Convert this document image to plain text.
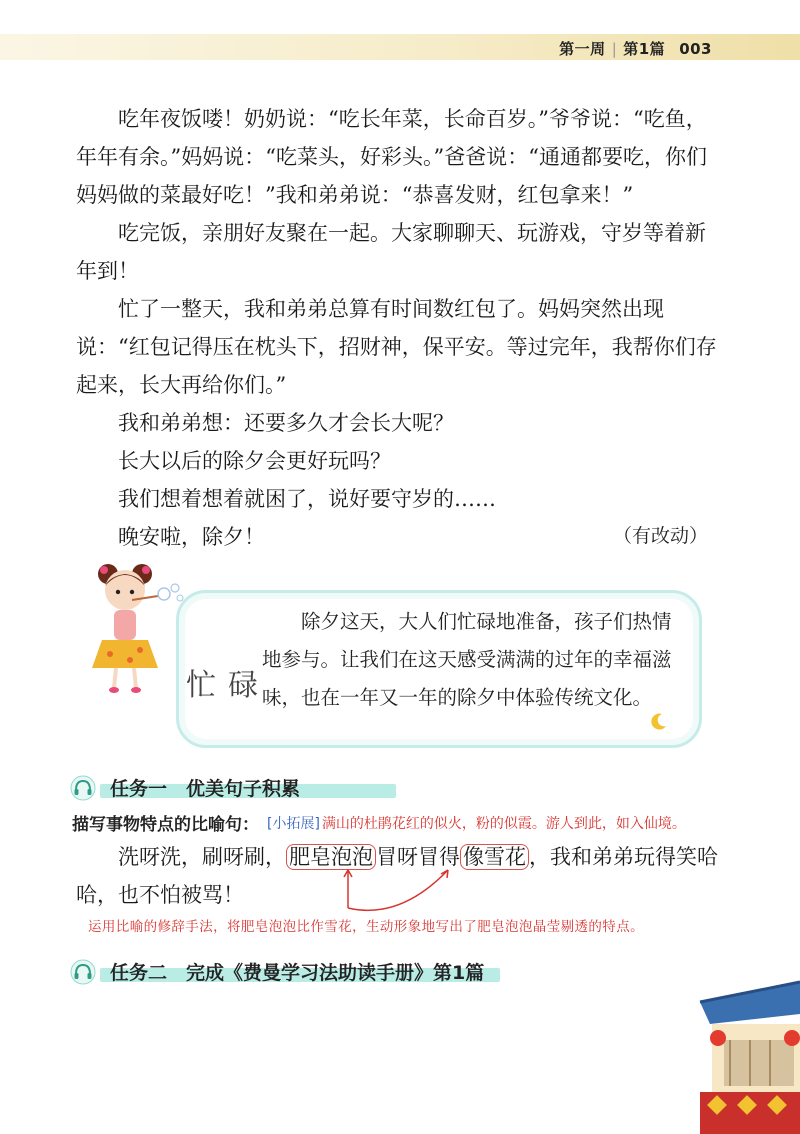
第一周 | 第1篇 003

吃年夜饭喽！奶奶说：“吃长年菜，长命百岁。”爷爷说：“吃鱼，年年有余。”妈妈说：“吃菜头，好彩头。”爸爸说：“通通都要吃，你们妈妈做的菜最好吃！”我和弟弟说：“恭喜发财，红包拿来！”

吃完饭，亲朋好友聚在一起。大家聊聊天、玩游戏，守岁等着新年到！

忙了一整天，我和弟弟总算有时间数红包了。妈妈突然出现说：“红包记得压在枕头下，招财神，保平安。等过完年，我帮你们存起来，长大再给你们。”

我和弟弟想：还要多久才会长大呢？

长大以后的除夕会更好玩吗？

我们想着想着就困了，说好要守岁的……

晚安啦，除夕！	（有改动）
忙碌

除夕这天，大人们忙碌地准备，孩子们热情地参与。让我们在这天感受满满的过年的幸福滋味，也在一年又一年的除夕中体验传统文化。

任务一　优美句子积累
描写事物特点的比喻句： [小拓展] 满山的杜鹃花红的似火，粉的似霞。游人到此，如入仙境。

洗呀洗，刷呀刷， 肥皂泡泡 冒呀冒得 像雪花 ，我和弟弟玩得笑哈哈，也不怕被骂！

运用比喻的修辞手法，将肥皂泡泡比作雪花，生动形象地写出了肥皂泡泡晶莹剔透的特点。
任务二　完成《费曼学习法助读手册》第1篇
